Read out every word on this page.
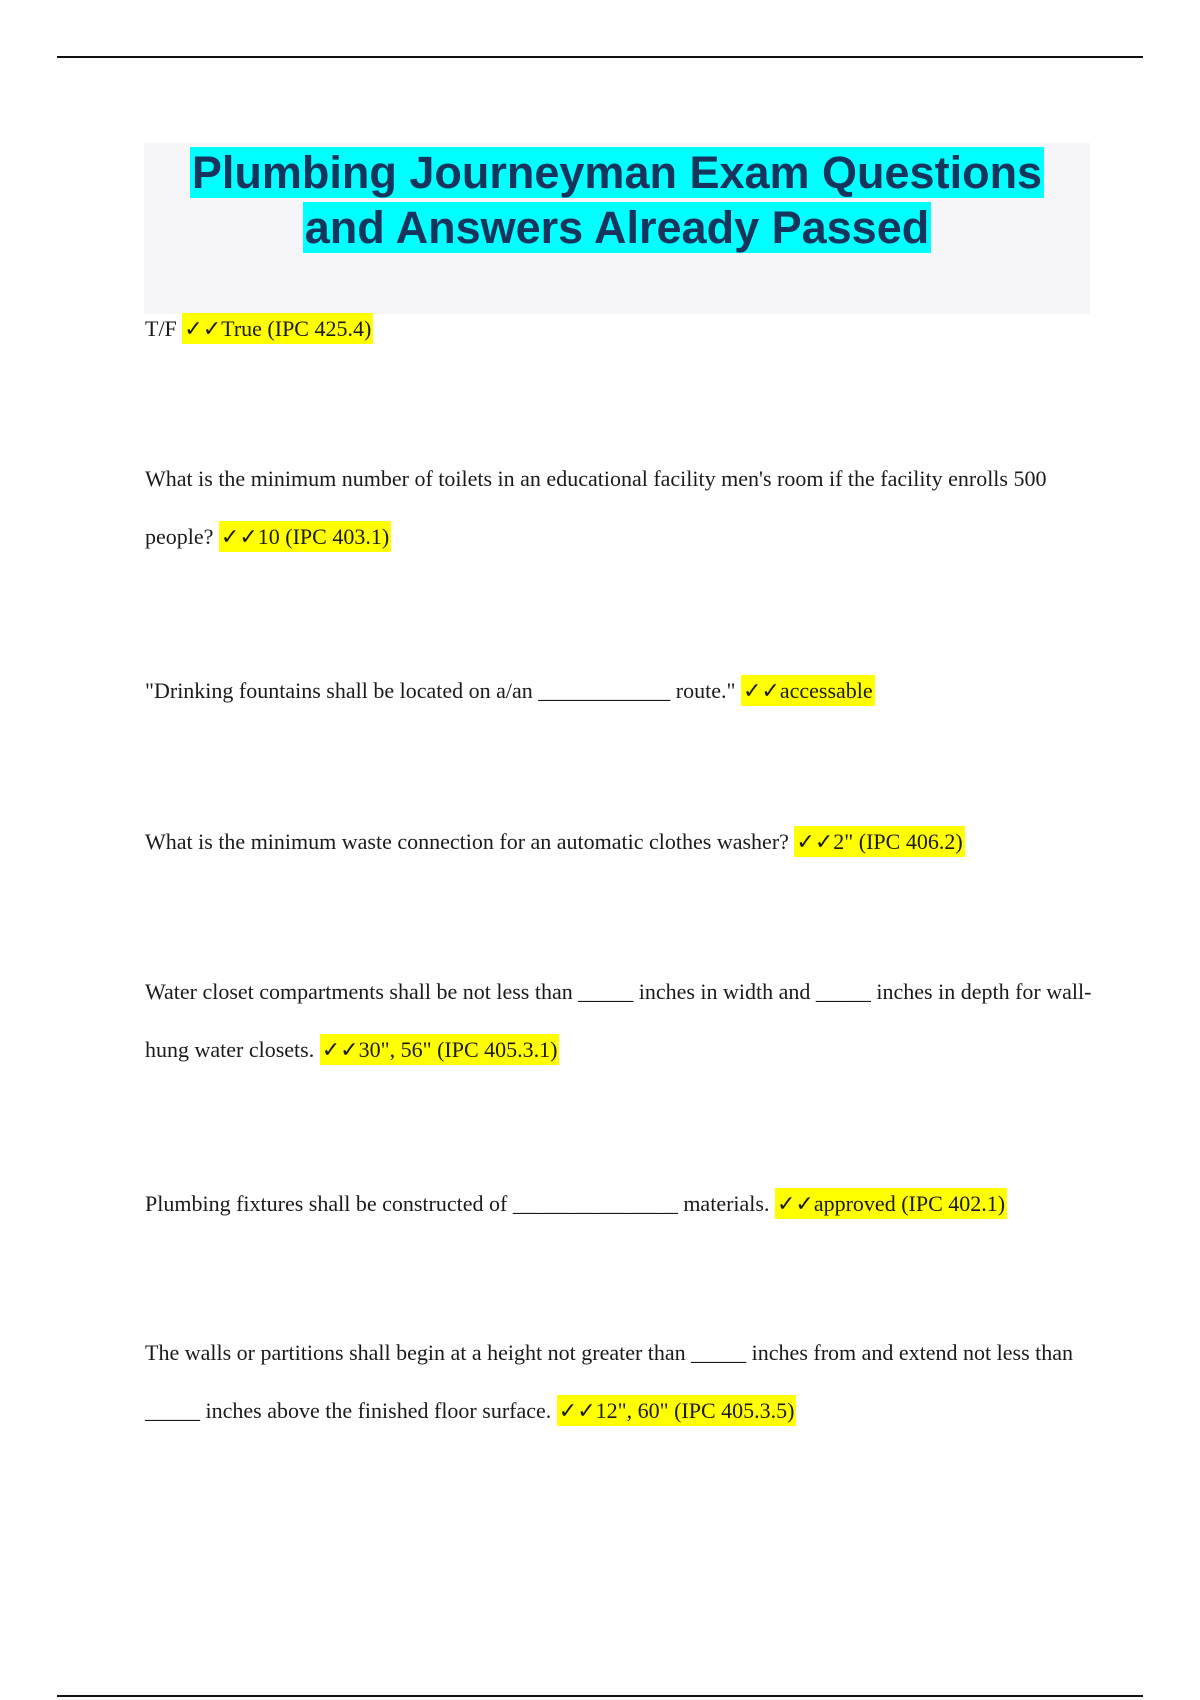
Plumbing Journeyman Exam Questions
and Answers Already Passed

T/F ✓✓True (IPC 425.4)

What is the minimum number of toilets in an educational facility men's room if the facility enrolls 500 people? ✓✓10 (IPC 403.1)

"Drinking fountains shall be located on a/an ____________ route." ✓✓accessable

What is the minimum waste connection for an automatic clothes washer? ✓✓2" (IPC 406.2)

Water closet compartments shall be not less than _____ inches in width and _____ inches in depth for wall-hung water closets. ✓✓30", 56" (IPC 405.3.1)

Plumbing fixtures shall be constructed of _______________ materials. ✓✓approved (IPC 402.1)

The walls or partitions shall begin at a height not greater than _____ inches from and extend not less than _____ inches above the finished floor surface. ✓✓12", 60" (IPC 405.3.5)
